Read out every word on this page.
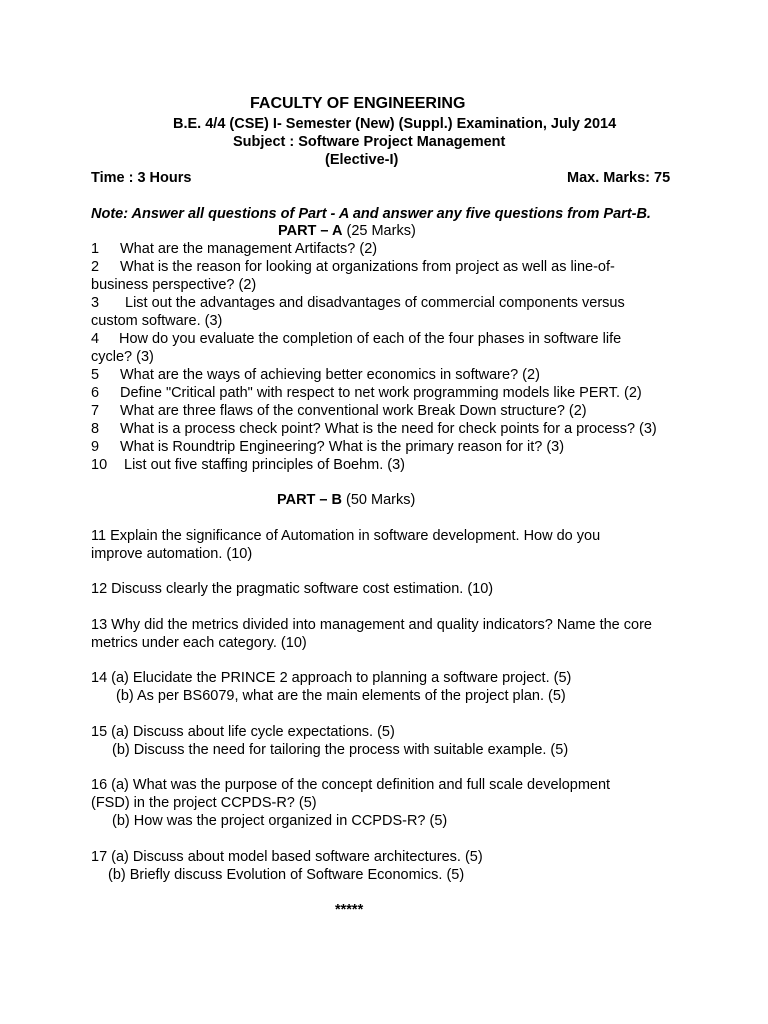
FACULTY OF ENGINEERING
B.E. 4/4 (CSE) I- Semester (New) (Suppl.) Examination, July 2014
Subject : Software Project Management
(Elective-I)
Time : 3 Hours	Max. Marks: 75
Note: Answer all questions of Part - A and answer any five questions from Part-B.
PART – A (25 Marks)
1 What are the management Artifacts? (2)
2 What is the reason for looking at organizations from project as well as line-of-
business perspective? (2)
3 List out the advantages and disadvantages of commercial components versus
custom software. (3)
4 How do you evaluate the completion of each of the four phases in software life
cycle? (3)
5 What are the ways of achieving better economics in software? (2)
6 Define "Critical path" with respect to net work programming models like PERT. (2)
7 What are three flaws of the conventional work Break Down structure? (2)
8 What is a process check point? What is the need for check points for a process? (3)
9 What is Roundtrip Engineering? What is the primary reason for it? (3)
10 List out five staffing principles of Boehm. (3)
PART – B (50 Marks)
11 Explain the significance of Automation in software development. How do you
improve automation. (10)
12 Discuss clearly the pragmatic software cost estimation. (10)
13 Why did the metrics divided into management and quality indicators? Name the core
metrics under each category. (10)
14 (a) Elucidate the PRINCE 2 approach to planning a software project. (5)
(b) As per BS6079, what are the main elements of the project plan. (5)
15 (a) Discuss about life cycle expectations. (5)
(b) Discuss the need for tailoring the process with suitable example. (5)
16 (a) What was the purpose of the concept definition and full scale development
(FSD) in the project CCPDS-R? (5)
(b) How was the project organized in CCPDS-R? (5)
17 (a) Discuss about model based software architectures. (5)
(b) Briefly discuss Evolution of Software Economics. (5)
*****
